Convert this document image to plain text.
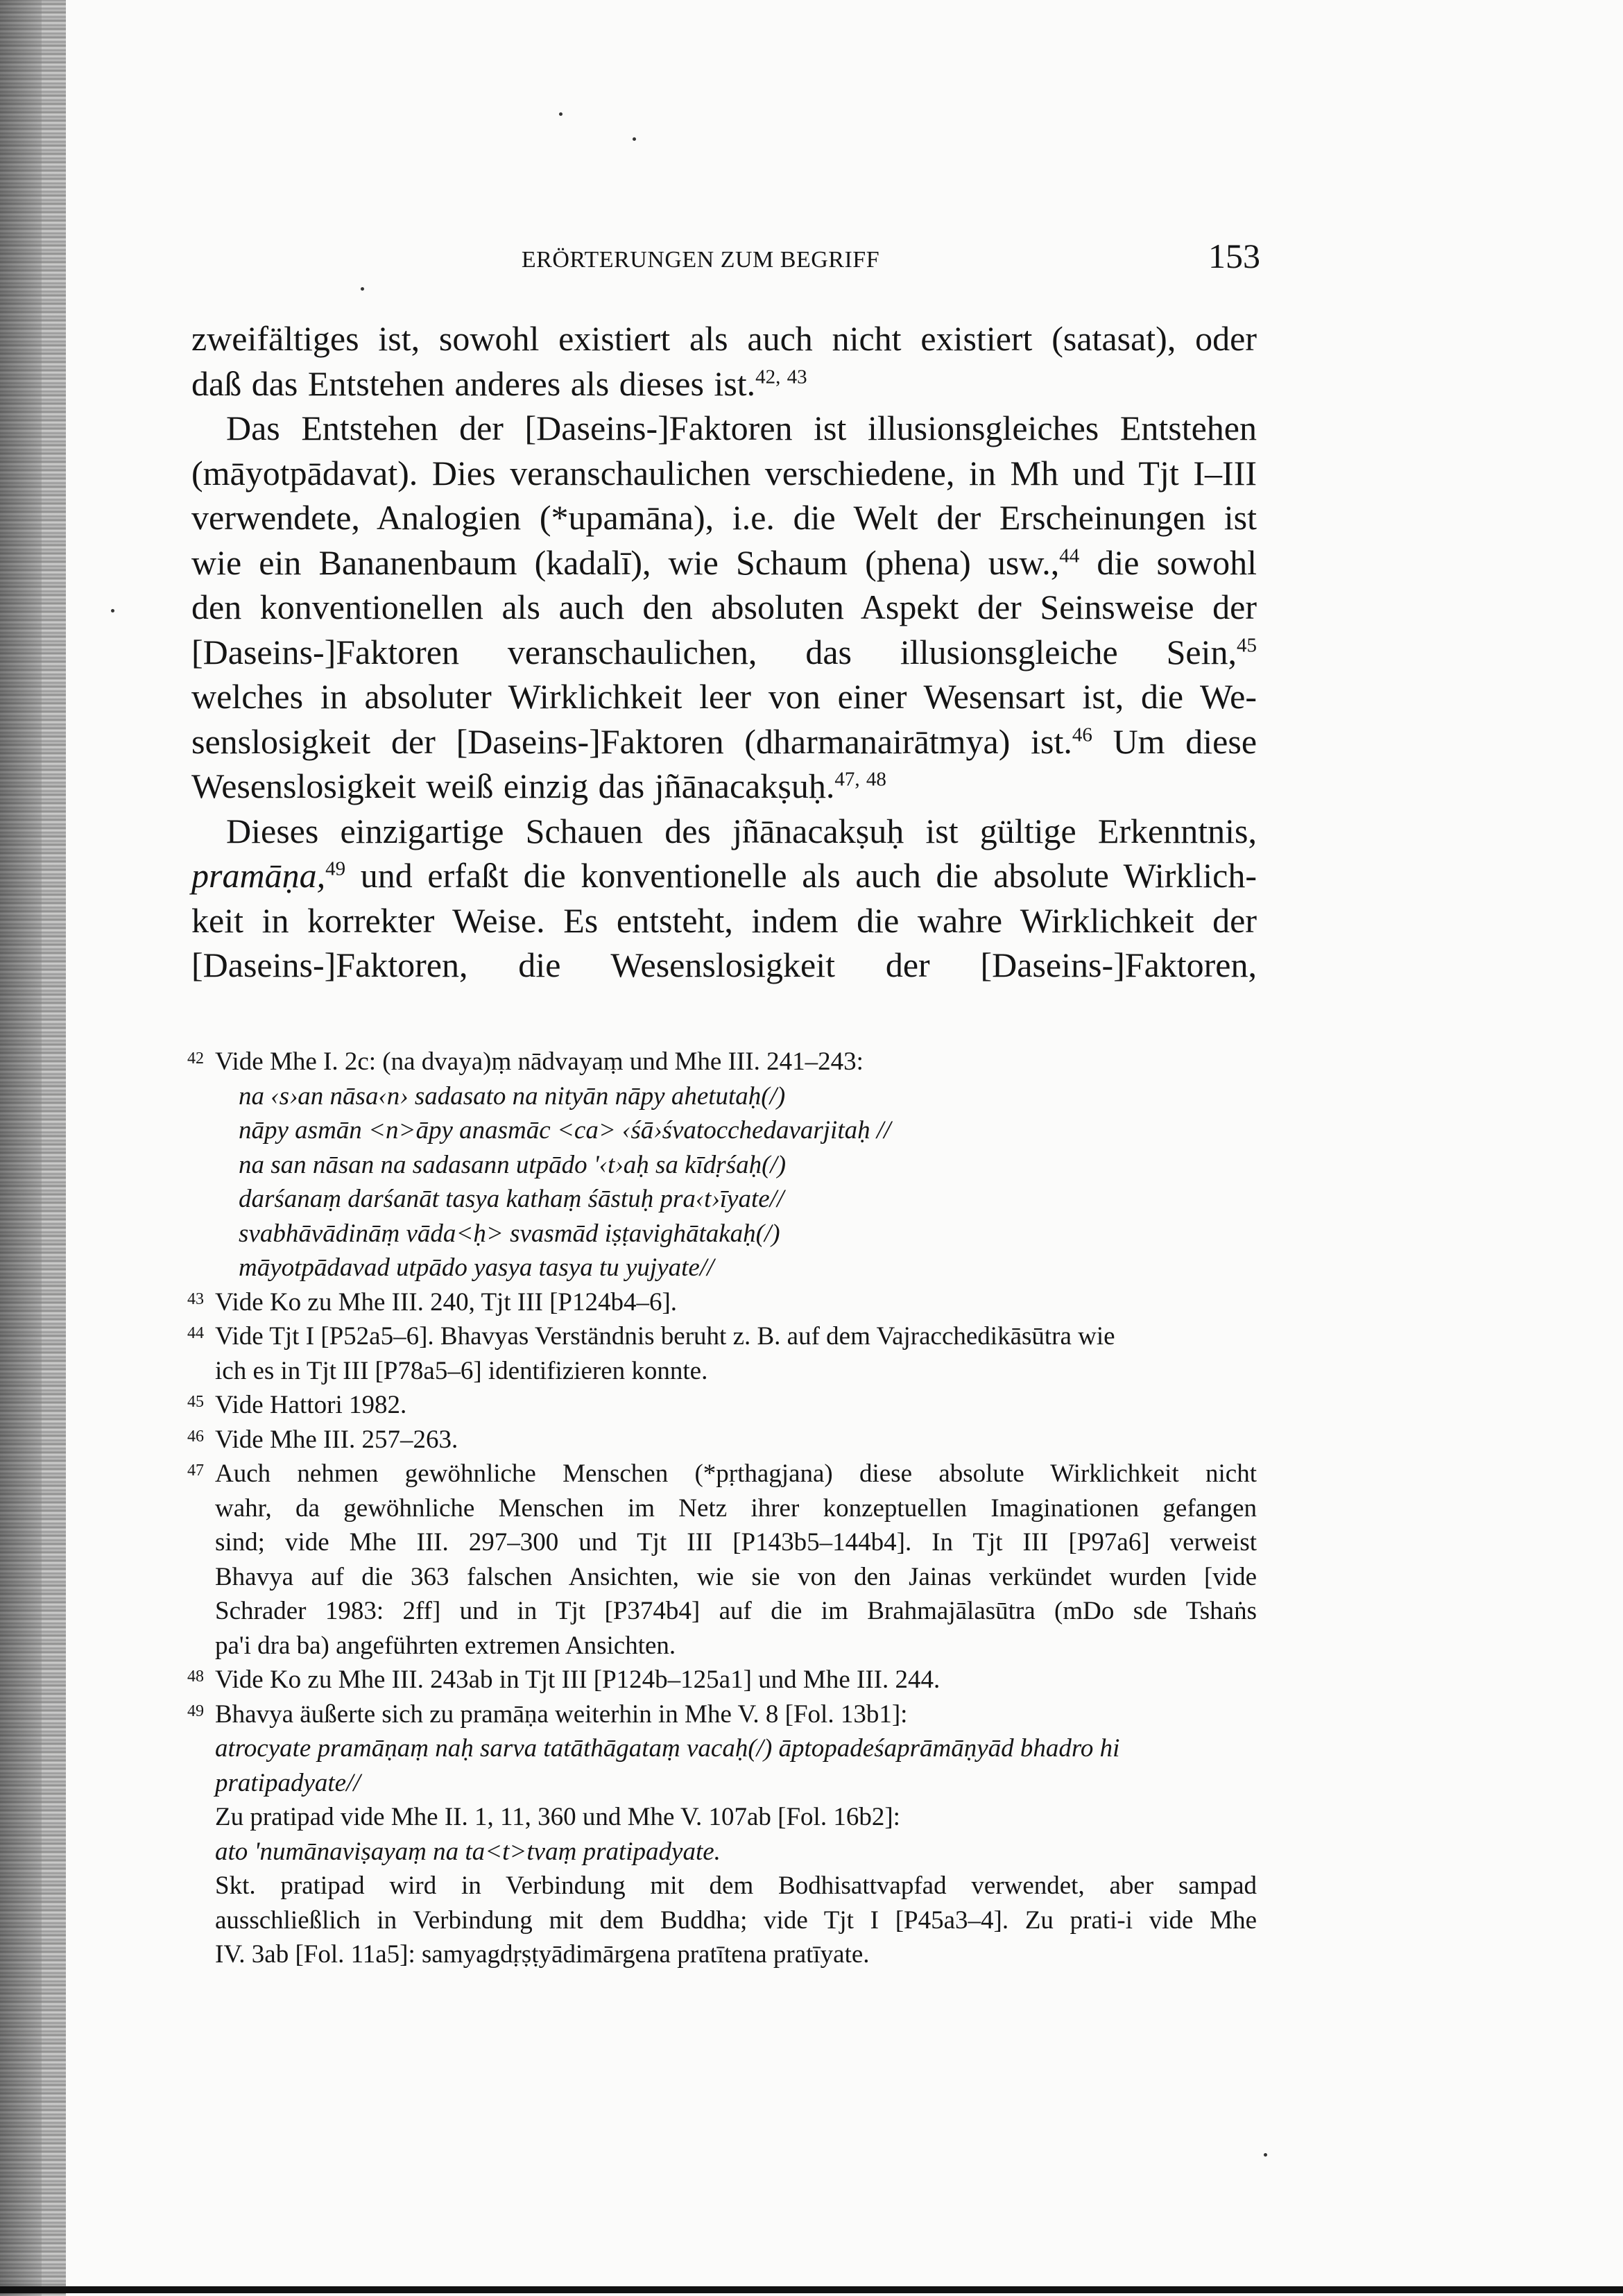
ERÖRTERUNGEN ZUM BEGRIFF	153

zweifältiges ist, sowohl existiert als auch nicht existiert (satasat), oder

daß das Entstehen anderes als dieses ist.$^{42, 43}$

Das Entstehen der [Daseins-]Faktoren ist illusionsgleiches Entstehen

(māyotpādavat). Dies veranschaulichen verschiedene, in Mh und Tjt I–III

verwendete, Analogien (*upamāna), i.e. die Welt der Erscheinungen ist

wie ein Bananenbaum (kadalī), wie Schaum (phena) usw.,$^{44}$ die sowohl

den konventionellen als auch den absoluten Aspekt der Seinsweise der

[Daseins-]Faktoren veranschaulichen, das illusionsgleiche Sein,$^{45}$

welches in absoluter Wirklichkeit leer von einer Wesensart ist, die We-

senslosigkeit der [Daseins-]Faktoren (dharmanairātmya) ist.$^{46}$ Um diese

Wesenslosigkeit weiß einzig das jñānacakṣuḥ.$^{47, 48}$

Dieses einzigartige Schauen des jñānacakṣuḥ ist gültige Erkenntnis,

pramāṇa,$^{49}$ und erfaßt die konventionelle als auch die absolute Wirklich-

keit in korrekter Weise. Es entsteht, indem die wahre Wirklichkeit der

[Daseins-]Faktoren, die Wesenslosigkeit der [Daseins-]Faktoren,

42 Vide Mhe I. 2c: (na dvaya)ṃ nādvayaṃ und Mhe III. 241–243:
na ‹s›an nāsa‹n› sadasato na nityān nāpy ahetutaḥ(/)
nāpy asmān <n>āpy anasmāc <ca> ‹śā›śvatocchedavarjitaḥ //
na san nāsan na sadasann utpādo '‹t›aḥ sa kīdṛśaḥ(/)
darśanaṃ darśanāt tasya kathaṃ śāstuḥ pra‹t›īyate//
svabhāvādināṃ vāda<ḥ> svasmād iṣṭavighātakaḥ(/)
māyotpādavad utpādo yasya tasya tu yujyate//
43 Vide Ko zu Mhe III. 240, Tjt III [P124b4–6].
44 Vide Tjt I [P52a5–6]. Bhavyas Verständnis beruht z. B. auf dem Vajracchedikāsūtra wie
ich es in Tjt III [P78a5–6] identifizieren konnte.
45 Vide Hattori 1982.
46 Vide Mhe III. 257–263.
47 Auch nehmen gewöhnliche Menschen (*pṛthagjana) diese absolute Wirklichkeit nicht
wahr, da gewöhnliche Menschen im Netz ihrer konzeptuellen Imaginationen gefangen
sind; vide Mhe III. 297–300 und Tjt III [P143b5–144b4]. In Tjt III [P97a6] verweist
Bhavya auf die 363 falschen Ansichten, wie sie von den Jainas verkündet wurden [vide
Schrader 1983: 2ff] und in Tjt [P374b4] auf die im Brahmajālasūtra (mDo sde Tshaṅs
pa'i dra ba) angeführten extremen Ansichten.
48 Vide Ko zu Mhe III. 243ab in Tjt III [P124b–125a1] und Mhe III. 244.
49 Bhavya äußerte sich zu pramāṇa weiterhin in Mhe V. 8 [Fol. 13b1]:
atrocyate pramāṇaṃ naḥ sarva tatāthāgataṃ vacaḥ(/) āptopadeśaprāmāṇyād bhadro hi
pratipadyate//
Zu pratipad vide Mhe II. 1, 11, 360 und Mhe V. 107ab [Fol. 16b2]:
ato 'numānaviṣayaṃ na ta<t>tvaṃ pratipadyate.
Skt. pratipad wird in Verbindung mit dem Bodhisattvapfad verwendet, aber sampad
ausschließlich in Verbindung mit dem Buddha; vide Tjt I [P45a3–4]. Zu prati-i vide Mhe
IV. 3ab [Fol. 11a5]: samyagdṛṣṭyādimārgena pratītena pratīyate.
